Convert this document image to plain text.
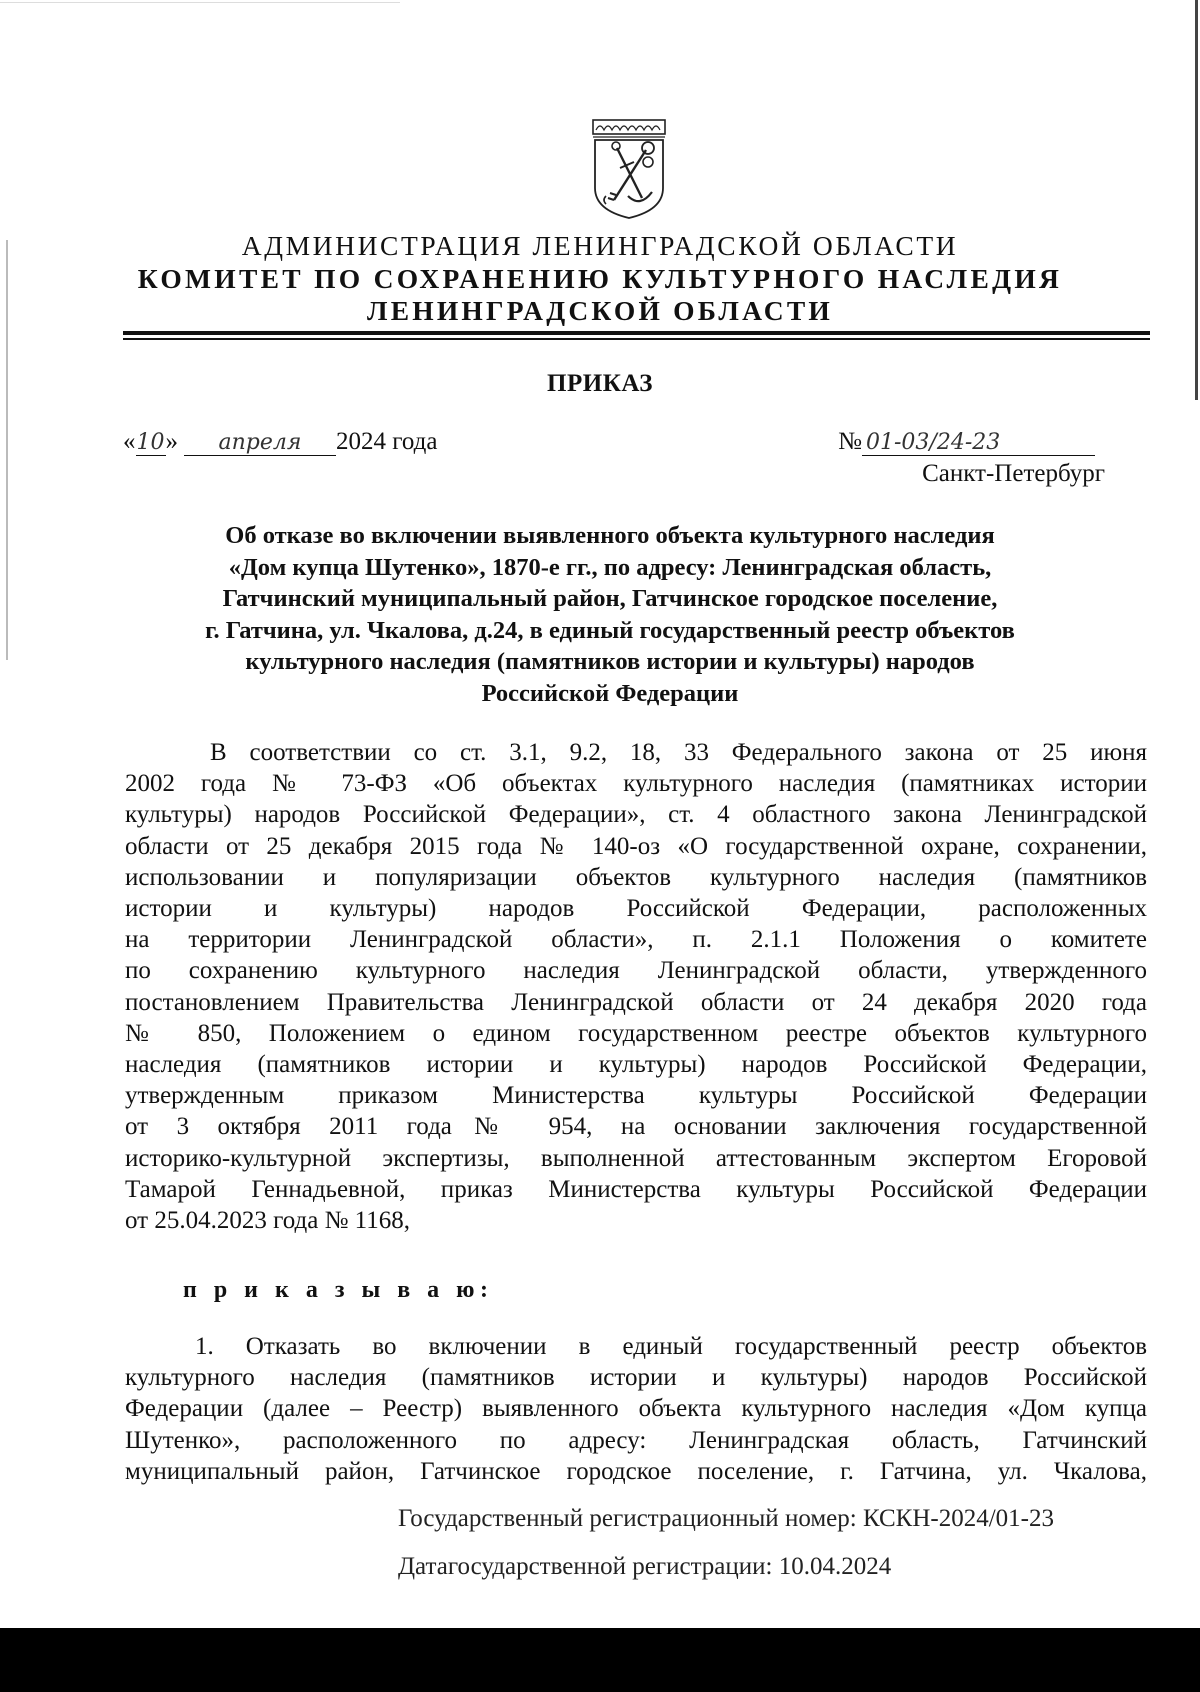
АДМИНИСТРАЦИЯ ЛЕНИНГРАДСКОЙ ОБЛАСТИ
КОМИТЕТ ПО СОХРАНЕНИЮ КУЛЬТУРНОГО НАСЛЕДИЯ
ЛЕНИНГРАДСКОЙ ОБЛАСТИ
ПРИКАЗ
«10» апреля 2024 года	№ 01-03/24-23
Санкт-Петербург
Об отказе во включении выявленного объекта культурного наследия
«Дом купца Шутенко», 1870-е гг., по адресу: Ленинградская область,
Гатчинский муниципальный район, Гатчинское городское поселение,
г. Гатчина, ул. Чкалова, д.24, в единый государственный реестр объектов
культурного наследия (памятников истории и культуры) народов
Российской Федерации
В соответствии со ст. 3.1, 9.2, 18, 33 Федерального закона от 25 июня
2002 года № 73-ФЗ «Об объектах культурного наследия (памятниках истории
культуры) народов Российской Федерации», ст. 4 областного закона Ленинградской
области от 25 декабря 2015 года № 140-оз «О государственной охране, сохранении,
использовании и популяризации объектов культурного наследия (памятников
истории и культуры) народов Российской Федерации, расположенных
на территории Ленинградской области», п. 2.1.1 Положения о комитете
по сохранению культурного наследия Ленинградской области, утвержденного
постановлением Правительства Ленинградской области от 24 декабря 2020 года
№ 850, Положением о едином государственном реестре объектов культурного
наследия (памятников истории и культуры) народов Российской Федерации,
утвержденным приказом Министерства культуры Российской Федерации
от 3 октября 2011 года№ 954, на основании заключения государственной
историко-культурной экспертизы, выполненной аттестованным экспертом Егоровой
Тамарой Геннадьевной, приказ Министерства культуры Российской Федерации
от 25.04.2023 года № 1168,
п р и к а з ы в а ю:
1. Отказать во включении в единый государственный реестр объектов
культурного наследия (памятников истории и культуры) народов Российской
Федерации (далее – Реестр) выявленного объекта культурного наследия «Дом купца
Шутенко», расположенного по адресу: Ленинградская область, Гатчинский
муниципальный район, Гатчинское городское поселение, г. Гатчина, ул. Чкалова,
Государственный регистрационный номер: КСКН-2024/01-23
Датагосударственной регистрации: 10.04.2024
